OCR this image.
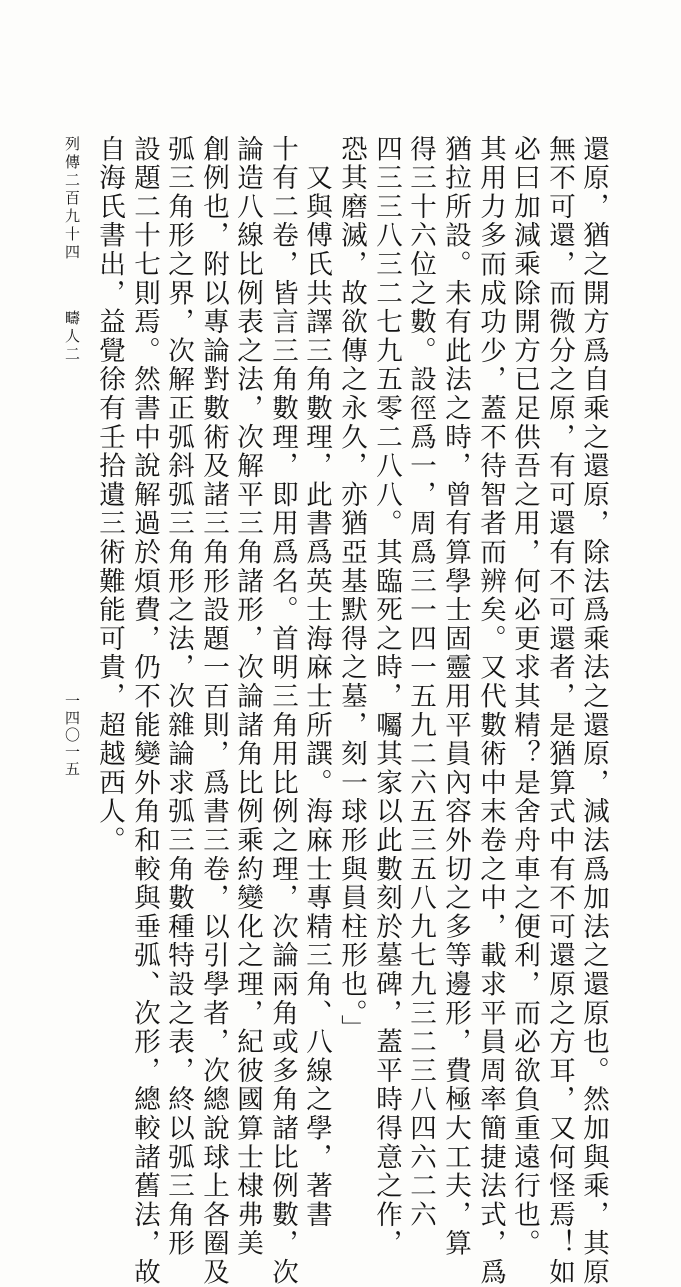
還原，猶之開方爲自乘之還原，除法爲乘法之還原，減法爲加法之還原也。然加與乘，其原
無不可還，而微分之原，有可還有不可還者，是猶算式中有不可還原之方耳，又何怪焉！如
必曰加減乘除開方已足供吾之用，何必更求其精？是舍舟車之便利，而必欲負重遠行也。
其用力多而成功少，蓋不待智者而辨矣。又代數術中末卷之中，載求平員周率簡捷法式，爲
猶拉所設。未有此法之時，曾有算學士固靈用平員內容外切之多等邊形，費極大工夫，算
得三十六位之數。設徑爲一，周爲三一四一五九二六五三五八九七九三二三八四六二六
四三三八三二七九五零二八八。其臨死之時，囑其家以此數刻於墓碑，蓋平時得意之作，
恐其磨滅，故欲傳之永久，亦猶亞基默得之墓，刻一球形與員柱形也。」
　又與傅氏共譯三角數理，此書爲英士海麻士所譔。海麻士專精三角、八線之學，著書
十有二卷，皆言三角數理，即用爲名。首明三角用比例之理，次論兩角或多角諸比例數，次
論造八線比例表之法，次解平三角諸形，次論諸角比例乘約變化之理，紀彼國算士棣弗美
創例也，附以專論對數術及諸三角形設題一百則，爲書三卷，以引學者，次總說球上各圈及
弧三角形之界，次解正弧斜弧三角形之法，次雜論求弧三角數種特設之表，終以弧三角形
設題二十七則焉。然書中說解過於煩費，仍不能變外角和較與垂弧、次形，總較諸舊法，故
列傳二百九十四疇人二
一四〇一五 自海氏書出，益覺徐有壬拾遺三術難能可貴，超越西人。
